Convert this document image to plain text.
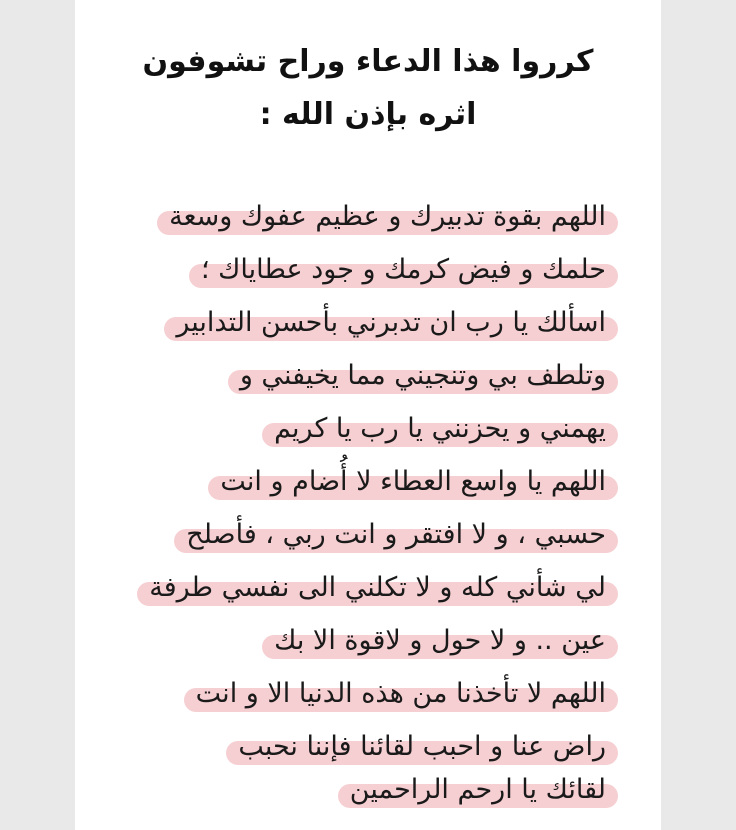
كرروا هذا الدعاء وراح تشوفون
اثره بإذن الله :
اللهم بقوة تدبيرك و عظيم عفوك وسعة
حلمك و فيض كرمك و جود عطاياك ؛
اسألك يا رب ان تدبرني بأحسن التدابير
وتلطف بي وتنجيني مما يخيفني و
يهمني و يحزنني يا رب يا كريم
اللهم يا واسع العطاء لا أُضام و انت
حسبي ، و لا افتقر و انت ربي ، فأصلح
لي شأني كله و لا تكلني الى نفسي طرفة
عين .. و لا حول و لاقوة الا بك
اللهم لا تأخذنا من هذه الدنيا الا و انت
راض عنا و احبب لقائنا فإننا نحبب
لقائك يا ارحم الراحمين
